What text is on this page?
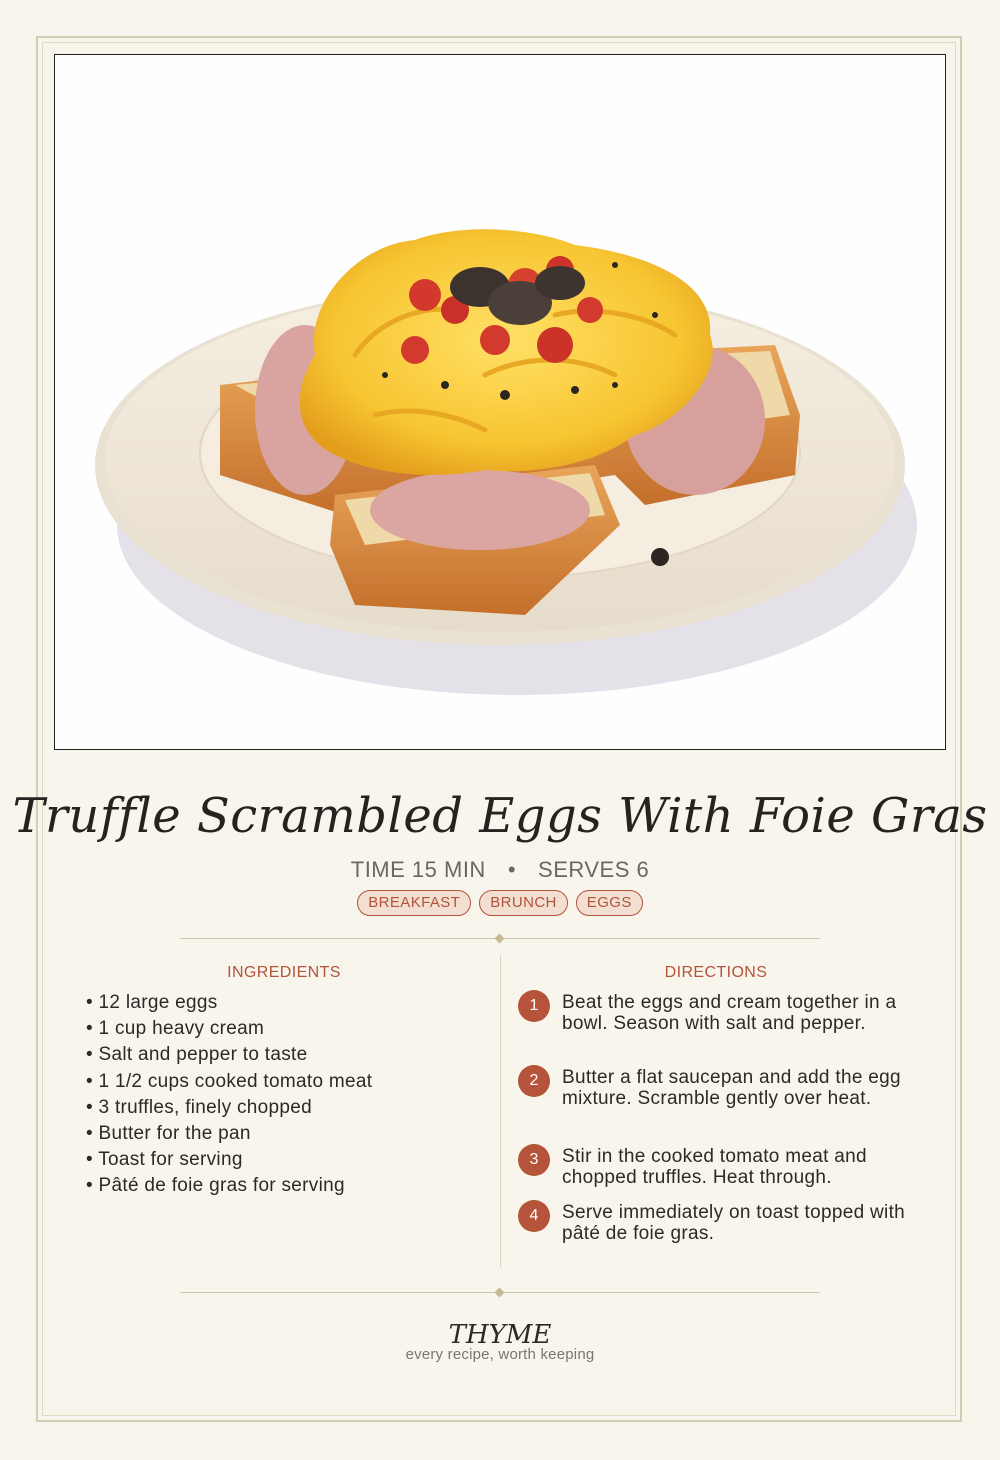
Truffle Scrambled Eggs With Foie Gras
TIME 15 MIN • SERVES 6
BREAKFAST BRUNCH EGGS
INGREDIENTS
• 12 large eggs
• 1 cup heavy cream
• Salt and pepper to taste
• 1 1/2 cups cooked tomato meat
• 3 truffles, finely chopped
• Butter for the pan
• Toast for serving
• Pâté de foie gras for serving
DIRECTIONS
1	Beat the eggs and cream together in a bowl. Season with salt and pepper.
2	Butter a flat saucepan and add the egg mixture. Scramble gently over heat.
3	Stir in the cooked tomato meat and chopped truffles. Heat through.
4	Serve immediately on toast topped with pâté de foie gras.
THYME
every recipe, worth keeping
